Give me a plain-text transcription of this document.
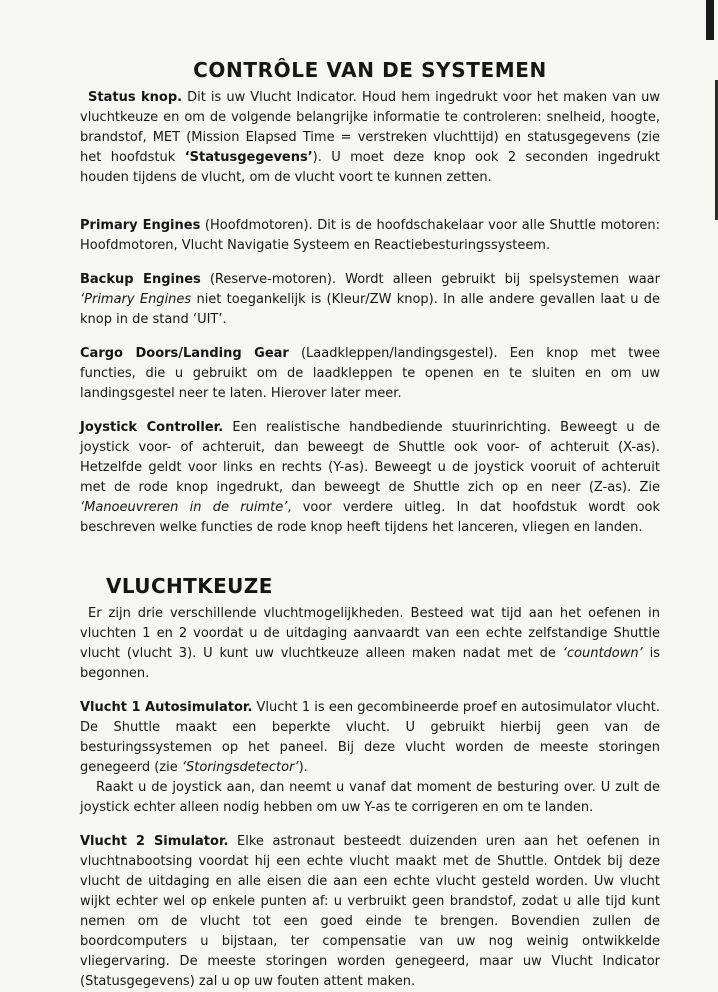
CONTRÔLE VAN DE SYSTEMEN

Status knop. Dit is uw Vlucht Indicator. Houd hem ingedrukt voor het maken van uw vluchtkeuze en om de volgende belangrijke informatie te controleren: snelheid, hoogte, brandstof, MET (Mission Elapsed Time = verstreken vluchttijd) en statusgegevens (zie het hoofdstuk ‘Statusgegevens’). U moet deze knop ook 2 seconden ingedrukt houden tijdens de vlucht, om de vlucht voort te kunnen zetten.

Primary Engines (Hoofdmotoren). Dit is de hoofdschakelaar voor alle Shuttle motoren: Hoofdmotoren, Vlucht Navigatie Systeem en Reactiebesturingssysteem.

Backup Engines (Reserve-motoren). Wordt alleen gebruikt bij spelsystemen waar ‘Primary Engines niet toegankelijk is (Kleur/ZW knop). In alle andere gevallen laat u de knop in de stand ‘UIT’.

Cargo Doors/Landing Gear (Laadkleppen/landingsgestel). Een knop met twee functies, die u gebruikt om de laadkleppen te openen en te sluiten en om uw landingsgestel neer te laten. Hierover later meer.

Joystick Controller. Een realistische handbediende stuurinrichting. Beweegt u de joystick voor- of achteruit, dan beweegt de Shuttle ook voor- of achteruit (X-as). Hetzelfde geldt voor links en rechts (Y-as). Beweegt u de joystick vooruit of achteruit met de rode knop ingedrukt, dan beweegt de Shuttle zich op en neer (Z-as). Zie ‘Manoeuvreren in de ruimte’, voor verdere uitleg. In dat hoofdstuk wordt ook beschreven welke functies de rode knop heeft tijdens het lanceren, vliegen en landen.

VLUCHTKEUZE

Er zijn drie verschillende vluchtmogelijkheden. Besteed wat tijd aan het oefenen in vluchten 1 en 2 voordat u de uitdaging aanvaardt van een echte zelfstandige Shuttle vlucht (vlucht 3). U kunt uw vluchtkeuze alleen maken nadat met de ‘countdown’ is begonnen.

Vlucht 1 Autosimulator. Vlucht 1 is een gecombineerde proef en autosimulator vlucht. De Shuttle maakt een beperkte vlucht. U gebruikt hierbij geen van de besturingssystemen op het paneel. Bij deze vlucht worden de meeste storingen genegeerd (zie ‘Storingsdetector’).

Raakt u de joystick aan, dan neemt u vanaf dat moment de besturing over. U zult de joystick echter alleen nodig hebben om uw Y-as te corrigeren en om te landen.

Vlucht 2 Simulator. Elke astronaut besteedt duizenden uren aan het oefenen in vluchtnabootsing voordat hij een echte vlucht maakt met de Shuttle. Ontdek bij deze vlucht de uitdaging en alle eisen die aan een echte vlucht gesteld worden. Uw vlucht wijkt echter wel op enkele punten af: u verbruikt geen brandstof, zodat u alle tijd kunt nemen om de vlucht tot een goed einde te brengen. Bovendien zullen de boordcomputers u bijstaan, ter compensatie van uw nog weinig ontwikkelde vliegervaring. De meeste storingen worden genegeerd, maar uw Vlucht Indicator (Statusgegevens) zal u op uw fouten attent maken.
